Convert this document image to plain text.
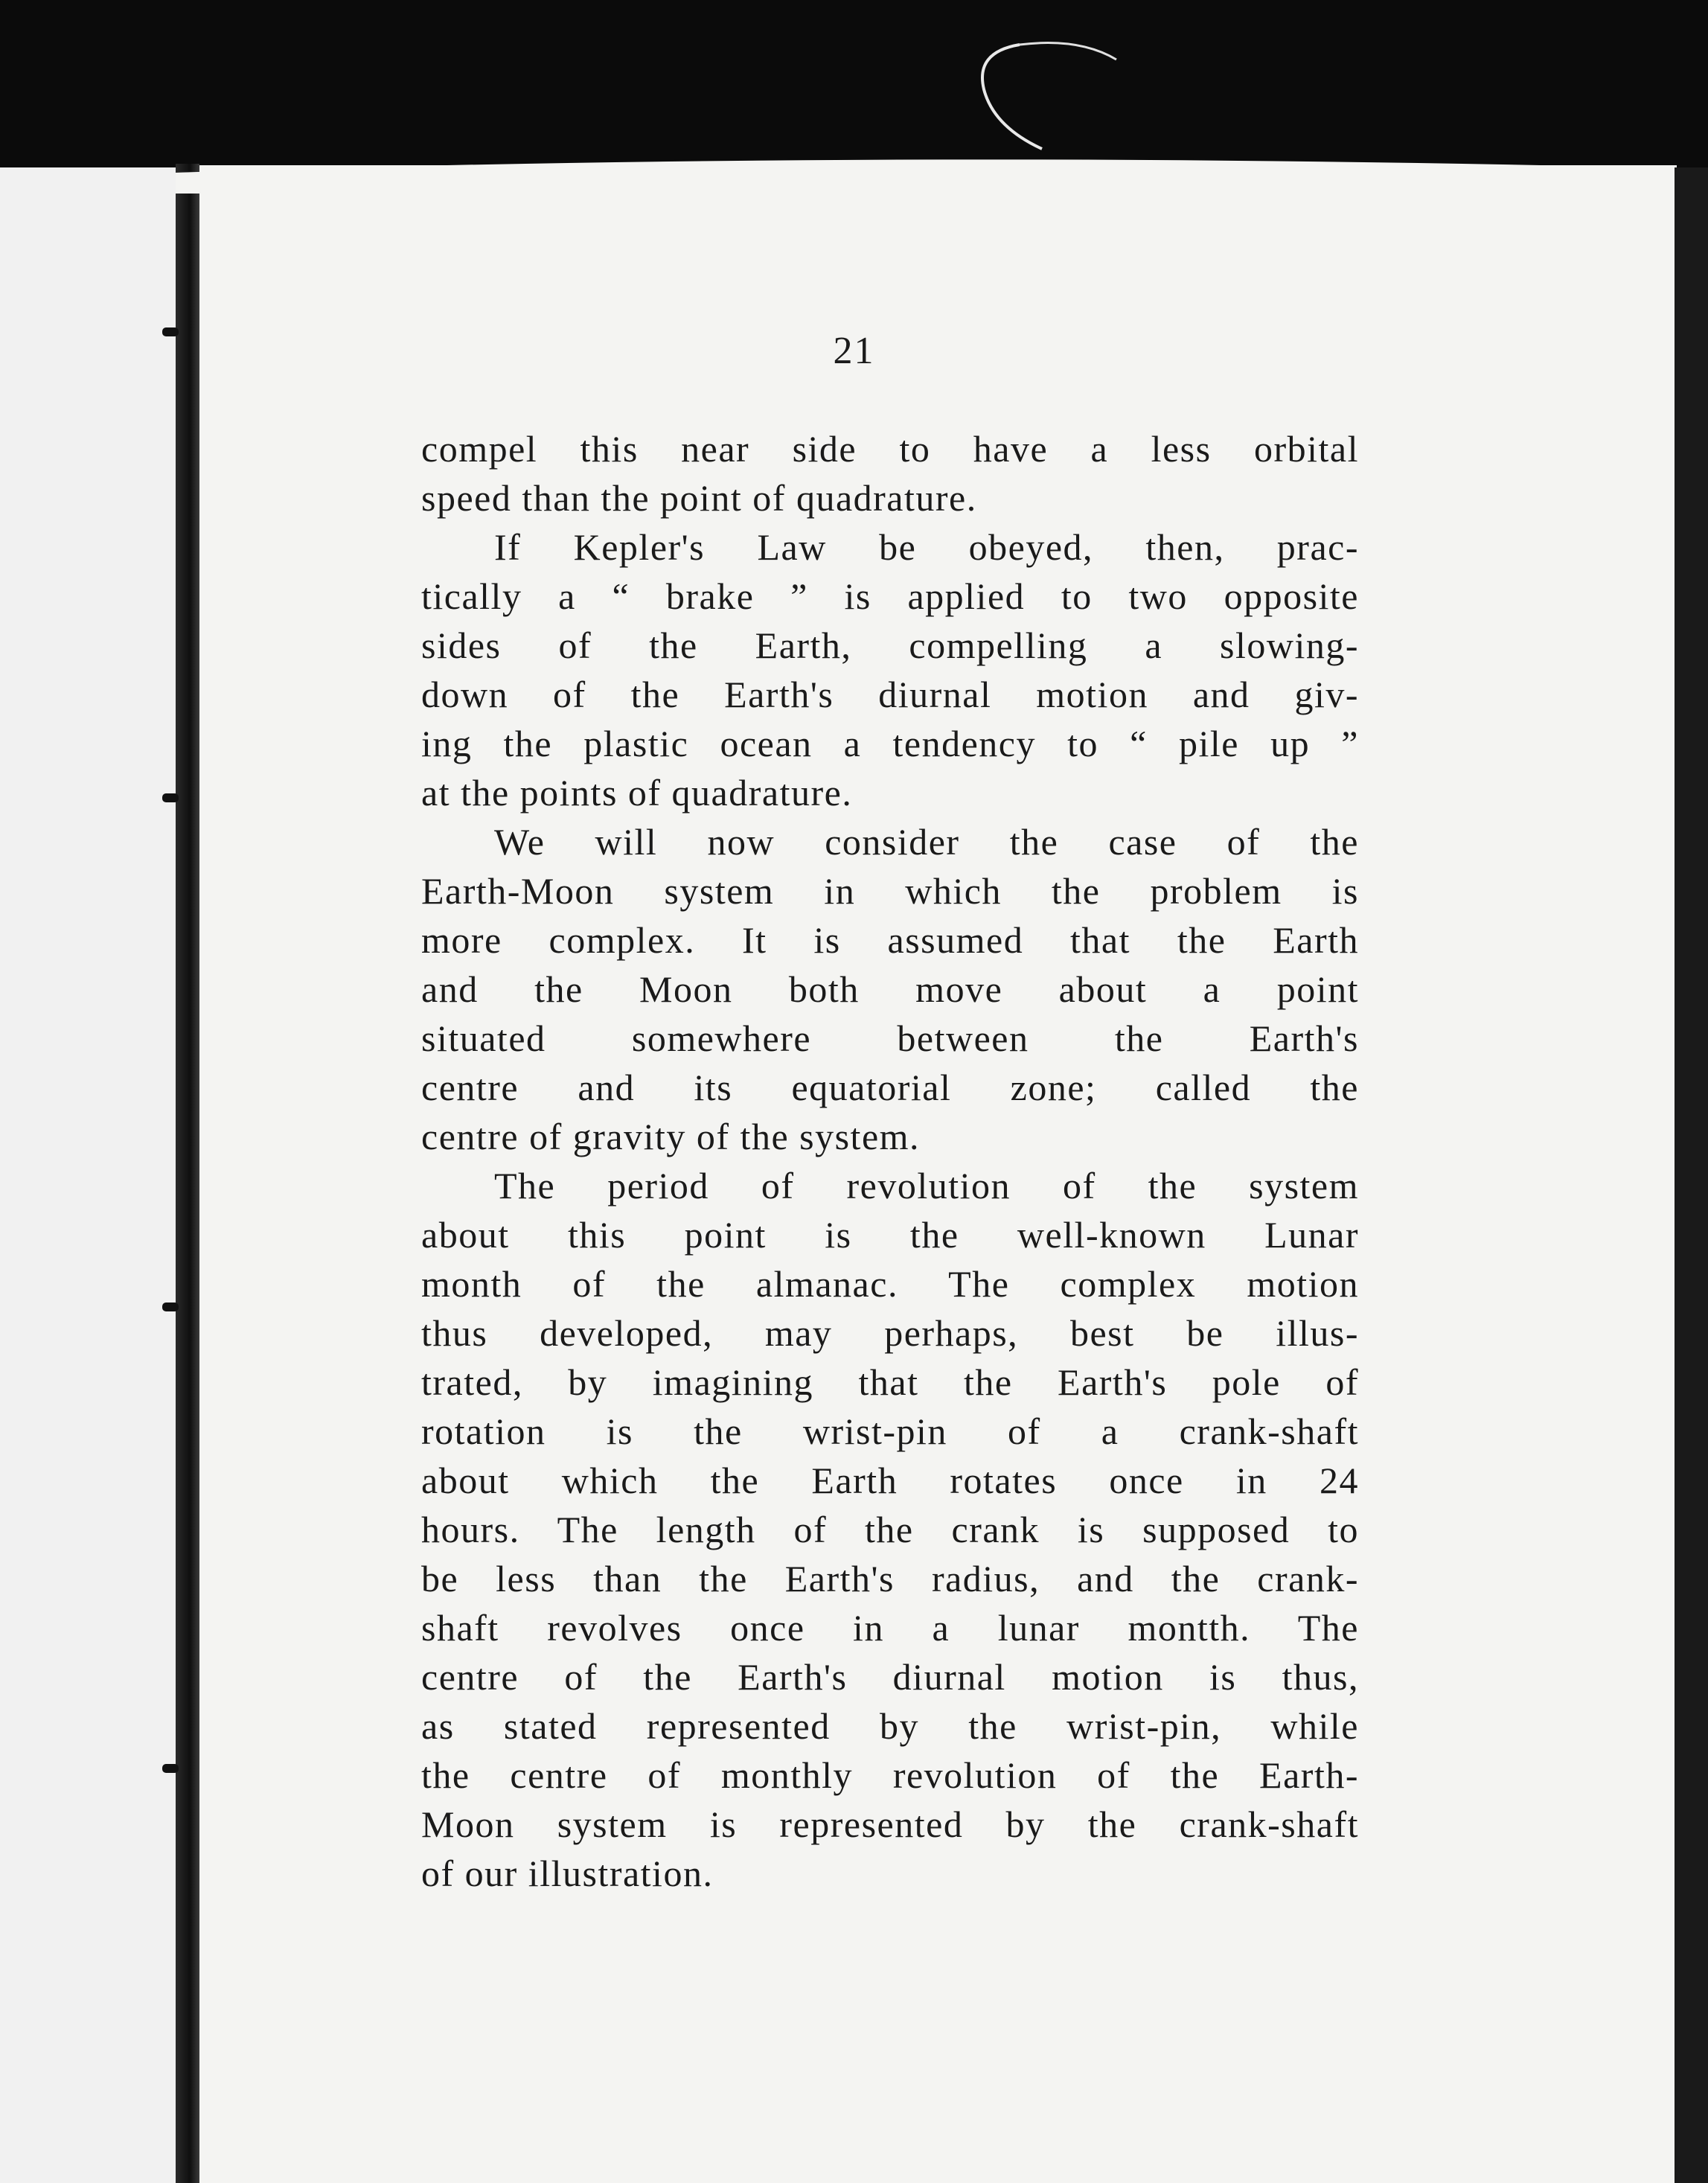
21
compel this near side to have a less orbital
speed than the point of quadrature.
If Kepler's Law be obeyed, then, prac-
tically a “ brake ” is applied to two opposite
sides of the Earth, compelling a slowing-
down of the Earth's diurnal motion and giv-
ing the plastic ocean a tendency to “ pile up ”
at the points of quadrature.
We will now consider the case of the
Earth-Moon system in which the problem is
more complex. It is assumed that the Earth
and the Moon both move about a point
situated somewhere between the Earth's
centre and its equatorial zone; called the
centre of gravity of the system.
The period of revolution of the system
about this point is the well-known Lunar
month of the almanac. The complex motion
thus developed, may perhaps, best be illus-
trated, by imagining that the Earth's pole of
rotation is the wrist-pin of a crank-shaft
about which the Earth rotates once in 24
hours. The length of the crank is supposed to
be less than the Earth's radius, and the crank-
shaft revolves once in a lunar montth. The
centre of the Earth's diurnal motion is thus,
as stated represented by the wrist-pin, while
the centre of monthly revolution of the Earth-
Moon system is represented by the crank-shaft
of our illustration.
